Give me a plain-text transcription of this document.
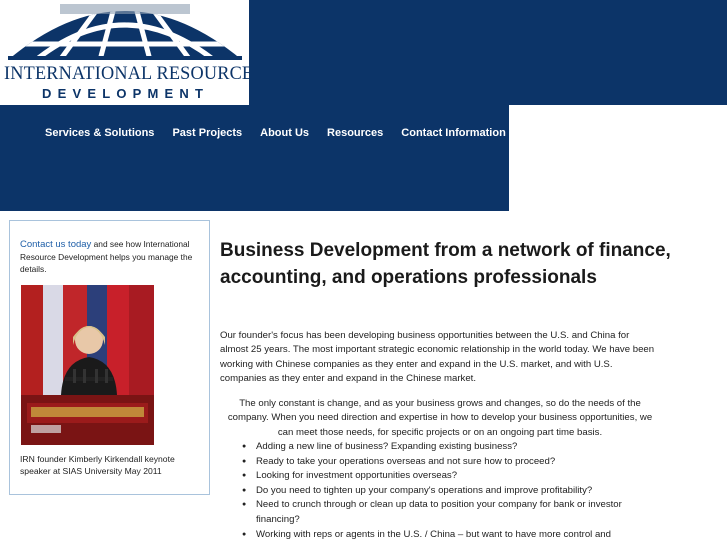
INTERNATIONAL RESOURCE
DEVELOPMENT
Services & Solutions Past Projects About Us Resources Contact Information
Contact us today and see how International Resource Development helps you manage the details.
IRN founder Kimberly Kirkendall keynote speaker at SIAS University May 2011
Business Development from a network of finance, accounting, and operations professionals

Our founder's focus has been developing business opportunities between the U.S. and China for almost 25 years. The most important strategic economic relationship in the world today. We have been working with Chinese companies as they enter and expand in the U.S. market, and with U.S. companies as they enter and expand in the Chinese market.

The only constant is change, and as your business grows and changes, so do the needs of the company. When you need direction and expertise in how to develop your business opportunities, we can meet those needs, for specific projects or on an ongoing part time basis.

● Adding a new line of business? Expanding existing business?
● Ready to take your operations overseas and not sure how to proceed?
● Looking for investment opportunities overseas?
● Do you need to tighten up your company's operations and improve profitability?
● Need to crunch through or clean up data to position your company for bank or investor financing?
● Working with reps or agents in the U.S. / China – but want to have more control and
